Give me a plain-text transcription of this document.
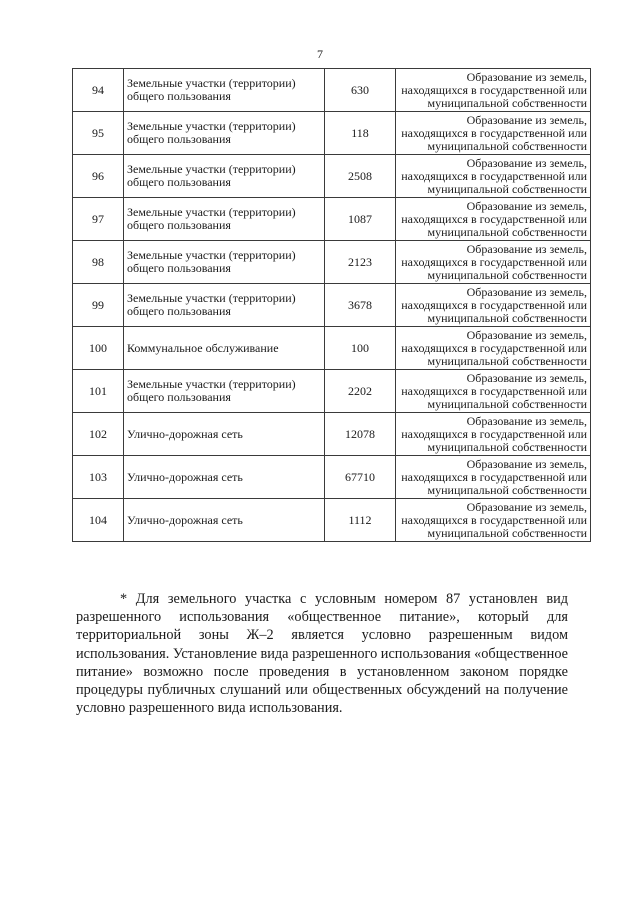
7
94	Земельные участки (территории) общего пользования	630	Образование из земель, находящихся в государственной или муниципальной собственности
95	Земельные участки (территории) общего пользования	118	Образование из земель, находящихся в государственной или муниципальной собственности
96	Земельные участки (территории) общего пользования	2508	Образование из земель, находящихся в государственной или муниципальной собственности
97	Земельные участки (территории) общего пользования	1087	Образование из земель, находящихся в государственной или муниципальной собственности
98	Земельные участки (территории) общего пользования	2123	Образование из земель, находящихся в государственной или муниципальной собственности
99	Земельные участки (территории) общего пользования	3678	Образование из земель, находящихся в государственной или муниципальной собственности
100	Коммунальное обслуживание	100	Образование из земель, находящихся в государственной или муниципальной собственности
101	Земельные участки (территории) общего пользования	2202	Образование из земель, находящихся в государственной или муниципальной собственности
102	Улично-дорожная сеть	12078	Образование из земель, находящихся в государственной или муниципальной собственности
103	Улично-дорожная сеть	67710	Образование из земель, находящихся в государственной или муниципальной собственности
104	Улично-дорожная сеть	1112	Образование из земель, находящихся в государственной или муниципальной собственности

* Для земельного участка с условным номером 87 установлен вид разрешенного использования «общественное питание», который для территориальной зоны Ж–2 является условно разрешенным видом использования. Установление вида разрешенного использования «общественное питание» возможно после проведения в установленном законом порядке процедуры публичных слушаний или общественных обсуждений на получение условно разрешенного вида использования.
